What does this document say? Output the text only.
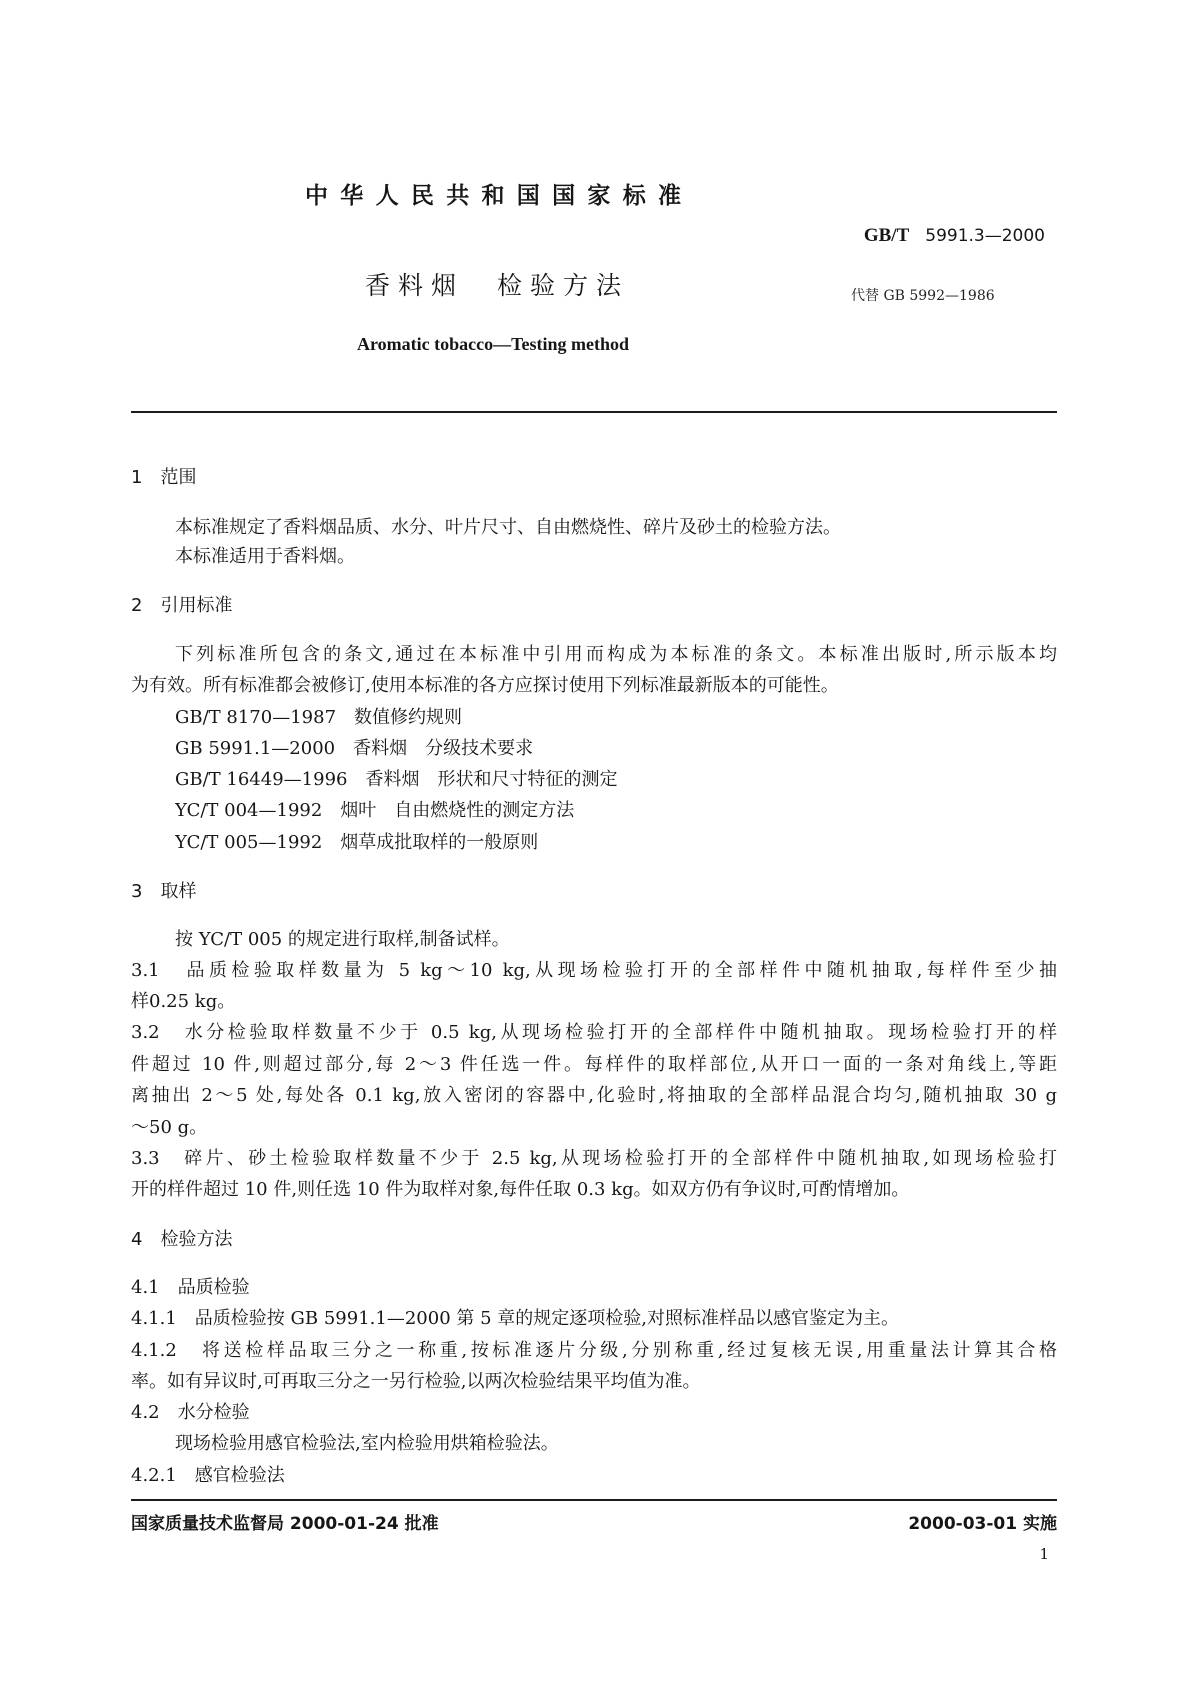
中 华 人 民 共 和 国 国 家 标 准
GB/T 5991.3—2000
香料烟　检验方法	代替 GB 5992—1986
Aromatic tobacco—Testing method
1　范围
本标准规定了香料烟品质、水分、叶片尺寸、自由燃烧性、碎片及砂土的检验方法。
本标准适用于香料烟。
2　引用标准
下列标准所包含的条文,通过在本标准中引用而构成为本标准的条文。本标准出版时,所示版本均
为有效。所有标准都会被修订,使用本标准的各方应探讨使用下列标准最新版本的可能性。
GB/T 8170—1987　数值修约规则
GB 5991.1—2000　香料烟　分级技术要求
GB/T 16449—1996　香料烟　形状和尺寸特征的测定
YC/T 004—1992　烟叶　自由燃烧性的测定方法
YC/T 005—1992　烟草成批取样的一般原则
3　取样
按 YC/T 005 的规定进行取样,制备试样。
3.1　品质检验取样数量为 5 kg～10 kg,从现场检验打开的全部样件中随机抽取,每样件至少抽
样0.25 kg。
3.2　水分检验取样数量不少于 0.5 kg,从现场检验打开的全部样件中随机抽取。现场检验打开的样
件超过 10 件,则超过部分,每 2～3 件任选一件。每样件的取样部位,从开口一面的一条对角线上,等距
离抽出 2～5 处,每处各 0.1 kg,放入密闭的容器中,化验时,将抽取的全部样品混合均匀,随机抽取 30 g
～50 g。
3.3　碎片、砂土检验取样数量不少于 2.5 kg,从现场检验打开的全部样件中随机抽取,如现场检验打
开的样件超过 10 件,则任选 10 件为取样对象,每件任取 0.3 kg。如双方仍有争议时,可酌情增加。
4　检验方法
4.1　品质检验
4.1.1　品质检验按 GB 5991.1—2000 第 5 章的规定逐项检验,对照标准样品以感官鉴定为主。
4.1.2　将送检样品取三分之一称重,按标准逐片分级,分别称重,经过复核无误,用重量法计算其合格
率。如有异议时,可再取三分之一另行检验,以两次检验结果平均值为准。
4.2　水分检验
现场检验用感官检验法,室内检验用烘箱检验法。
4.2.1　感官检验法
国家质量技术监督局 2000-01-24 批准	2000-03-01 实施
1
